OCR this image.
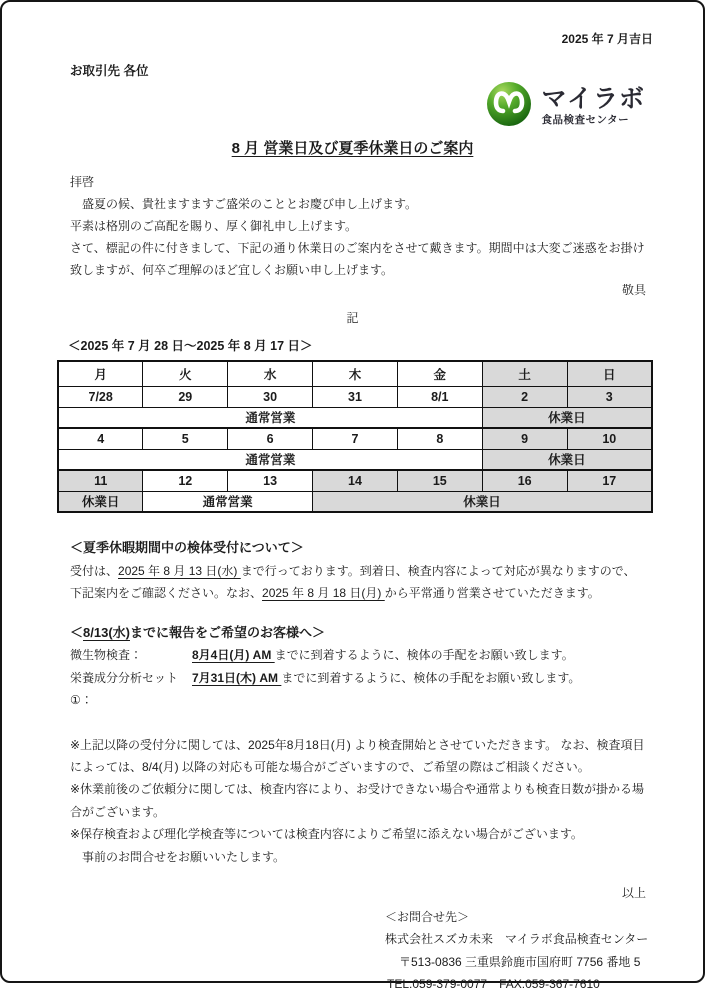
2025 年 7 月吉日
お取引先 各位
マイラボ
食品検査センター
8 月 営業日及び夏季休業日のご案内

拝啓

　盛夏の候、貴社ますますご盛栄のこととお慶び申し上げます。

平素は格別のご高配を賜り、厚く御礼申し上げます。

さて、標記の件に付きまして、下記の通り休業日のご案内をさせて戴きます。期間中は大変ご迷惑をお掛け致しますが、何卒ご理解のほど宜しくお願い申し上げます。

敬具
記
＜2025 年 7 月 28 日～2025 年 8 月 17 日＞
月	火	水	木	金	土	日
7/28	29	30	31	8/1	2	3
通常営業					休業日	
4	5	6	7	8	9	10
通常営業					休業日	
11	12	13	14	15	16	17
休業日	通常営業		休業日			
＜夏季休暇期間中の検体受付について＞
受付は、2025 年 8 月 13 日(水) まで行っております。到着日、検査内容によって対応が異なりますので、
下記案内をご確認ください。なお、2025 年 8 月 18 日(月) から平常通り営業させていただきます。
＜8/13(水)までに報告をご希望のお客様へ＞
微生物検査：	8月4日(月) AM までに到着するように、検体の手配をお願い致します。
栄養成分分析セット①：
7月31日(木) AM までに到着するように、検体の手配をお願い致します。

※上記以降の受付分に関しては、2025年8月18日(月) より検査開始とさせていただきます。 なお、検査項目によっては、8/4(月) 以降の対応も可能な場合がございますので、ご希望の際はご相談ください。

※休業前後のご依頼分に関しては、検査内容により、お受けできない場合や通常よりも検査日数が掛かる場合がございます。

※保存検査および理化学検査等については検査内容によりご希望に添えない場合がございます。

　事前のお問合せをお願いいたします。

以上
＜お問合せ先＞
株式会社スズカ未来　マイラボ食品検査センター
〒513-0836 三重県鈴鹿市国府町 7756 番地 5
TEL:059-379-0077　FAX:059-367-7610
